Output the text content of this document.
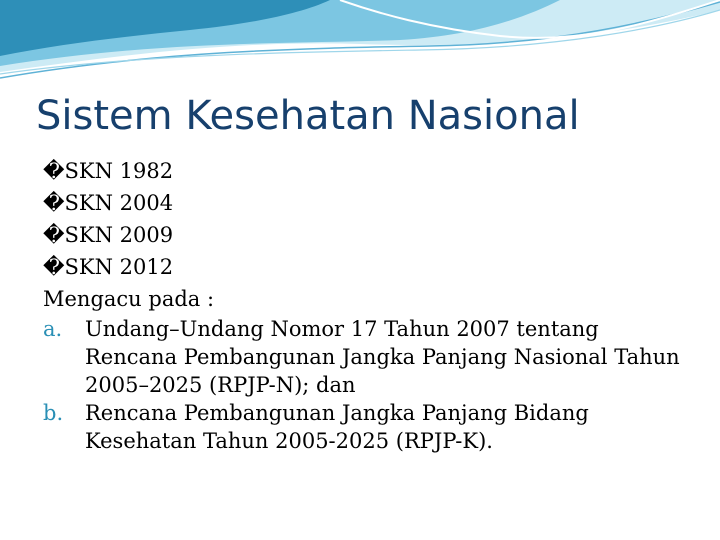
Sistem Kesehatan Nasional
�SKN 1982
�SKN 2004
�SKN 2009
�SKN 2012
Mengacu pada :
a.	Undang–Undang Nomor 17 Tahun 2007 tentang Rencana Pembangunan Jangka Panjang Nasional Tahun 2005–2025 (RPJP-N); dan
b.	Rencana Pembangunan Jangka Panjang Bidang Kesehatan Tahun 2005-2025 (RPJP-K).
